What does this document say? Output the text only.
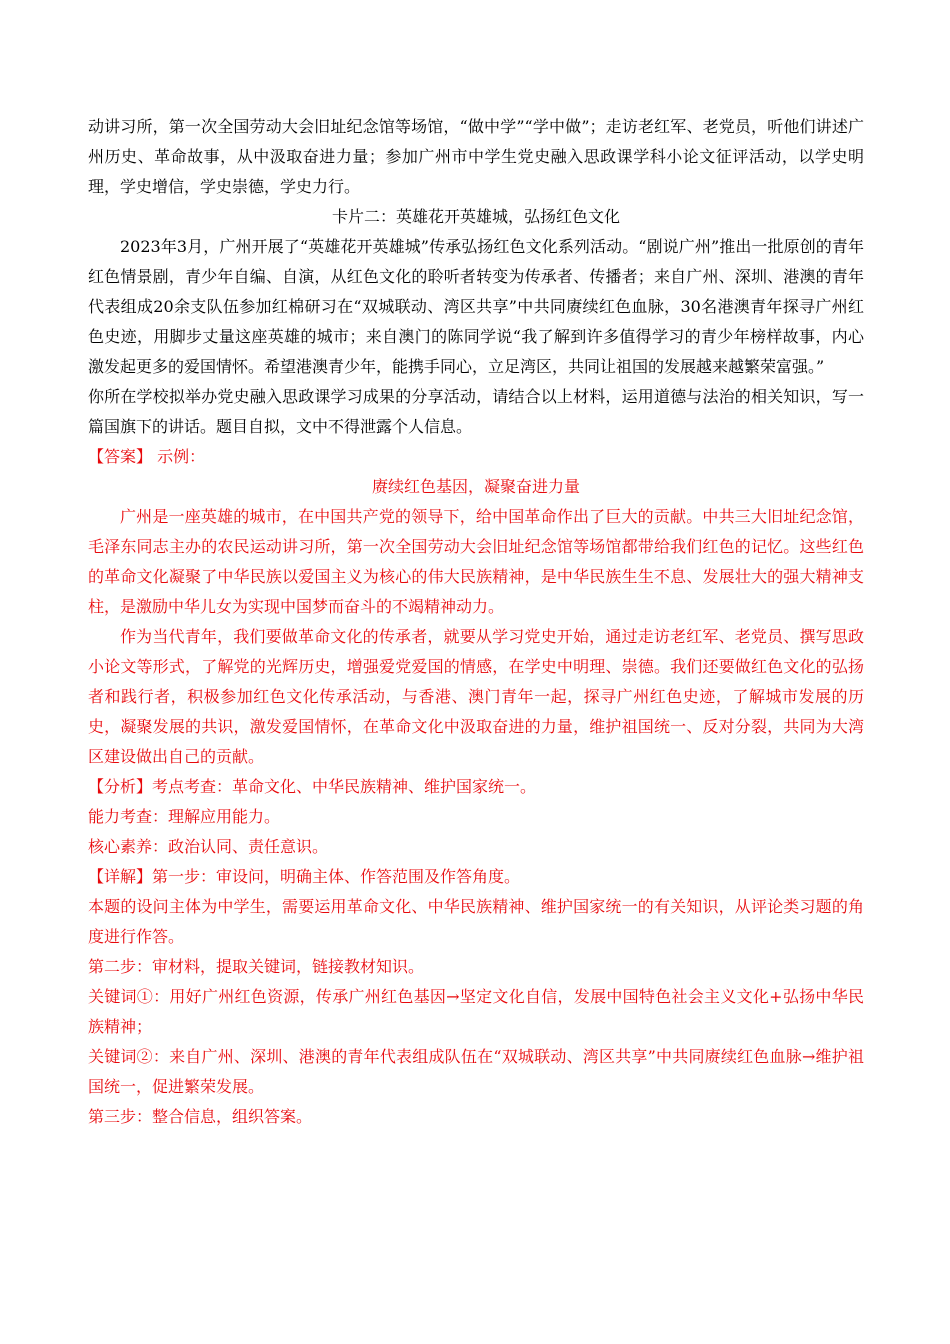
动讲习所，第一次全国劳动大会旧址纪念馆等场馆，“做中学”“学中做”；走访老红军、老党员，听他们讲述广州历史、革命故事，从中汲取奋进力量；参加广州市中学生党史融入思政课学科小论文征评活动，以学史明理，学史增信，学史崇德，学史力行。

卡片二：英雄花开英雄城，弘扬红色文化

2023年3月，广州开展了“英雄花开英雄城”传承弘扬红色文化系列活动。“剧说广州”推出一批原创的青年红色情景剧，青少年自编、自演，从红色文化的聆听者转变为传承者、传播者；来自广州、深圳、港澳的青年代表组成20余支队伍参加红棉研习在“双城联动、湾区共享”中共同赓续红色血脉，30名港澳青年探寻广州红色史迹，用脚步丈量这座英雄的城市；来自澳门的陈同学说“我了解到许多值得学习的青少年榜样故事，内心激发起更多的爱国情怀。希望港澳青少年，能携手同心，立足湾区，共同让祖国的发展越来越繁荣富强。”

你所在学校拟举办党史融入思政课学习成果的分享活动，请结合以上材料，运用道德与法治的相关知识，写一篇国旗下的讲话。题目自拟，文中不得泄露个人信息。

【答案】 示例：

赓续红色基因，凝聚奋进力量

广州是一座英雄的城市，在中国共产党的领导下，给中国革命作出了巨大的贡献。中共三大旧址纪念馆，毛泽东同志主办的农民运动讲习所，第一次全国劳动大会旧址纪念馆等场馆都带给我们红色的记忆。这些红色的革命文化凝聚了中华民族以爱国主义为核心的伟大民族精神，是中华民族生生不息、发展壮大的强大精神支柱，是激励中华儿女为实现中国梦而奋斗的不竭精神动力。

作为当代青年，我们要做革命文化的传承者，就要从学习党史开始，通过走访老红军、老党员、撰写思政小论文等形式，了解党的光辉历史，增强爱党爱国的情感，在学史中明理、崇德。我们还要做红色文化的弘扬者和践行者，积极参加红色文化传承活动，与香港、澳门青年一起，探寻广州红色史迹，了解城市发展的历史，凝聚发展的共识，激发爱国情怀，在革命文化中汲取奋进的力量，维护祖国统一、反对分裂，共同为大湾区建设做出自己的贡献。

【分析】考点考查：革命文化、中华民族精神、维护国家统一。

能力考查：理解应用能力。

核心素养：政治认同、责任意识。

【详解】第一步：审设问，明确主体、作答范围及作答角度。

本题的设问主体为中学生，需要运用革命文化、中华民族精神、维护国家统一的有关知识，从评论类习题的角度进行作答。

第二步：审材料，提取关键词，链接教材知识。

关键词①：用好广州红色资源，传承广州红色基因→坚定文化自信，发展中国特色社会主义文化+弘扬中华民族精神；

关键词②：来自广州、深圳、港澳的青年代表组成队伍在“双城联动、湾区共享”中共同赓续红色血脉→维护祖国统一，促进繁荣发展。

第三步：整合信息，组织答案。
